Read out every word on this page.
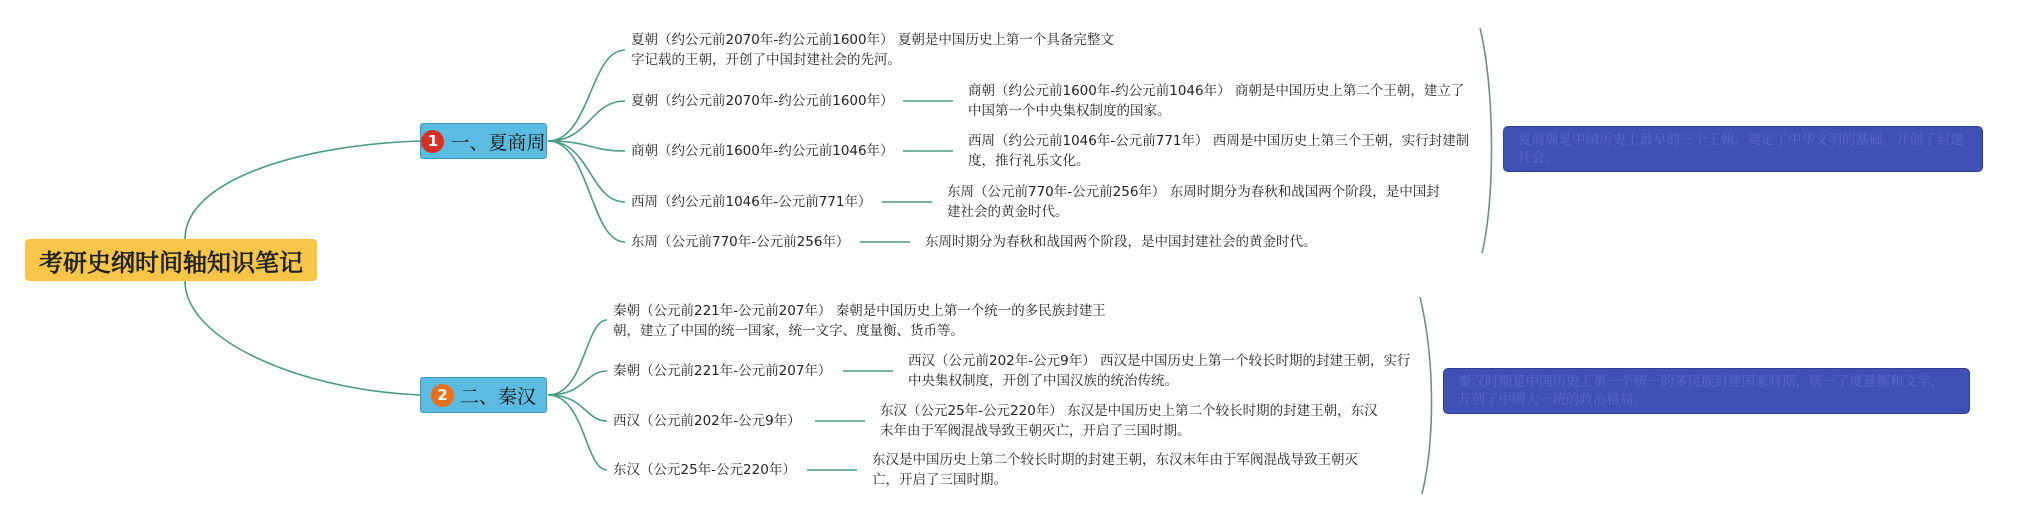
考研史纲时间轴知识笔记
1 一、夏商周
夏朝（约公元前2070年-约公元前1600年） 夏朝是中国历史上第一个具备完整文字记载的王朝，开创了中国封建社会的先河。
夏朝（约公元前2070年-约公元前1600年）
商朝（约公元前1600年-约公元前1046年） 商朝是中国历史上第二个王朝，建立了中国第一个中央集权制度的国家。
商朝（约公元前1600年-约公元前1046年）
西周（约公元前1046年-公元前771年） 西周是中国历史上第三个王朝，实行封建制度，推行礼乐文化。
西周（约公元前1046年-公元前771年）
东周（公元前770年-公元前256年） 东周时期分为春秋和战国两个阶段，是中国封建社会的黄金时代。
东周（公元前770年-公元前256年）	东周时期分为春秋和战国两个阶段，是中国封建社会的黄金时代。
夏商周是中国历史上最早的三个王朝，奠定了中华文明的基础，开创了封建社会。
2 二、秦汉
秦朝（公元前221年-公元前207年） 秦朝是中国历史上第一个统一的多民族封建王朝，建立了中国的统一国家，统一文字、度量衡、货币等。
秦朝（公元前221年-公元前207年）
西汉（公元前202年-公元9年） 西汉是中国历史上第一个较长时期的封建王朝，实行中央集权制度，开创了中国汉族的统治传统。
西汉（公元前202年-公元9年）
东汉（公元25年-公元220年） 东汉是中国历史上第二个较长时期的封建王朝，东汉末年由于军阀混战导致王朝灭亡，开启了三国时期。
东汉（公元25年-公元220年）
东汉是中国历史上第二个较长时期的封建王朝，东汉末年由于军阀混战导致王朝灭亡，开启了三国时期。
秦汉时期是中国历史上第一个统一的多民族封建国家时期，统一了度量衡和文字，开创了中国大一统的政治格局。
